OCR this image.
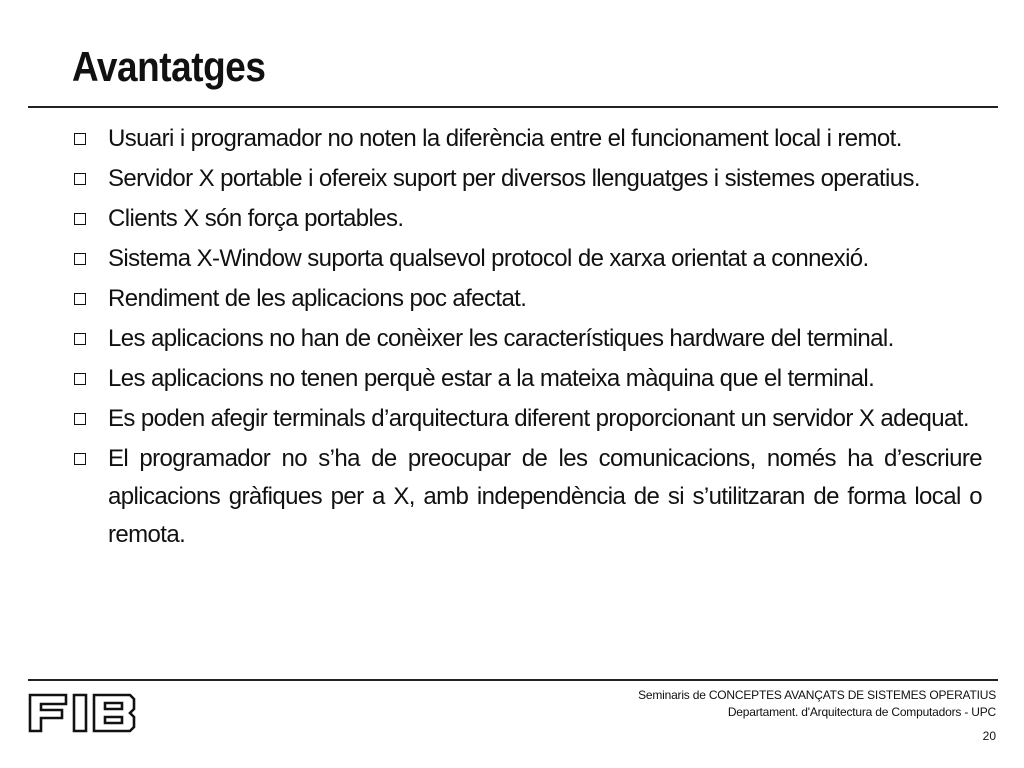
Avantatges
Usuari i programador no noten la diferència entre el funcionament local i remot.
Servidor X portable i ofereix suport per diversos llenguatges i sistemes operatius.
Clients X són força portables.
Sistema X-Window suporta qualsevol protocol de xarxa orientat a connexió.
Rendiment de les aplicacions poc afectat.
Les aplicacions no han de conèixer les característiques hardware del terminal.
Les aplicacions no tenen perquè estar a la mateixa màquina que el terminal.
Es poden afegir terminals d’arquitectura diferent proporcionant un servidor X adequat.
El programador no s’ha de preocupar de les comunicacions, només ha d’escriure aplicacions gràfiques per a X, amb independència de si s’utilitzaran de forma local o remota.
Seminaris de CONCEPTES AVANÇATS DE SISTEMES OPERATIUS
Departament. d'Arquitectura de Computadors - UPC
20
